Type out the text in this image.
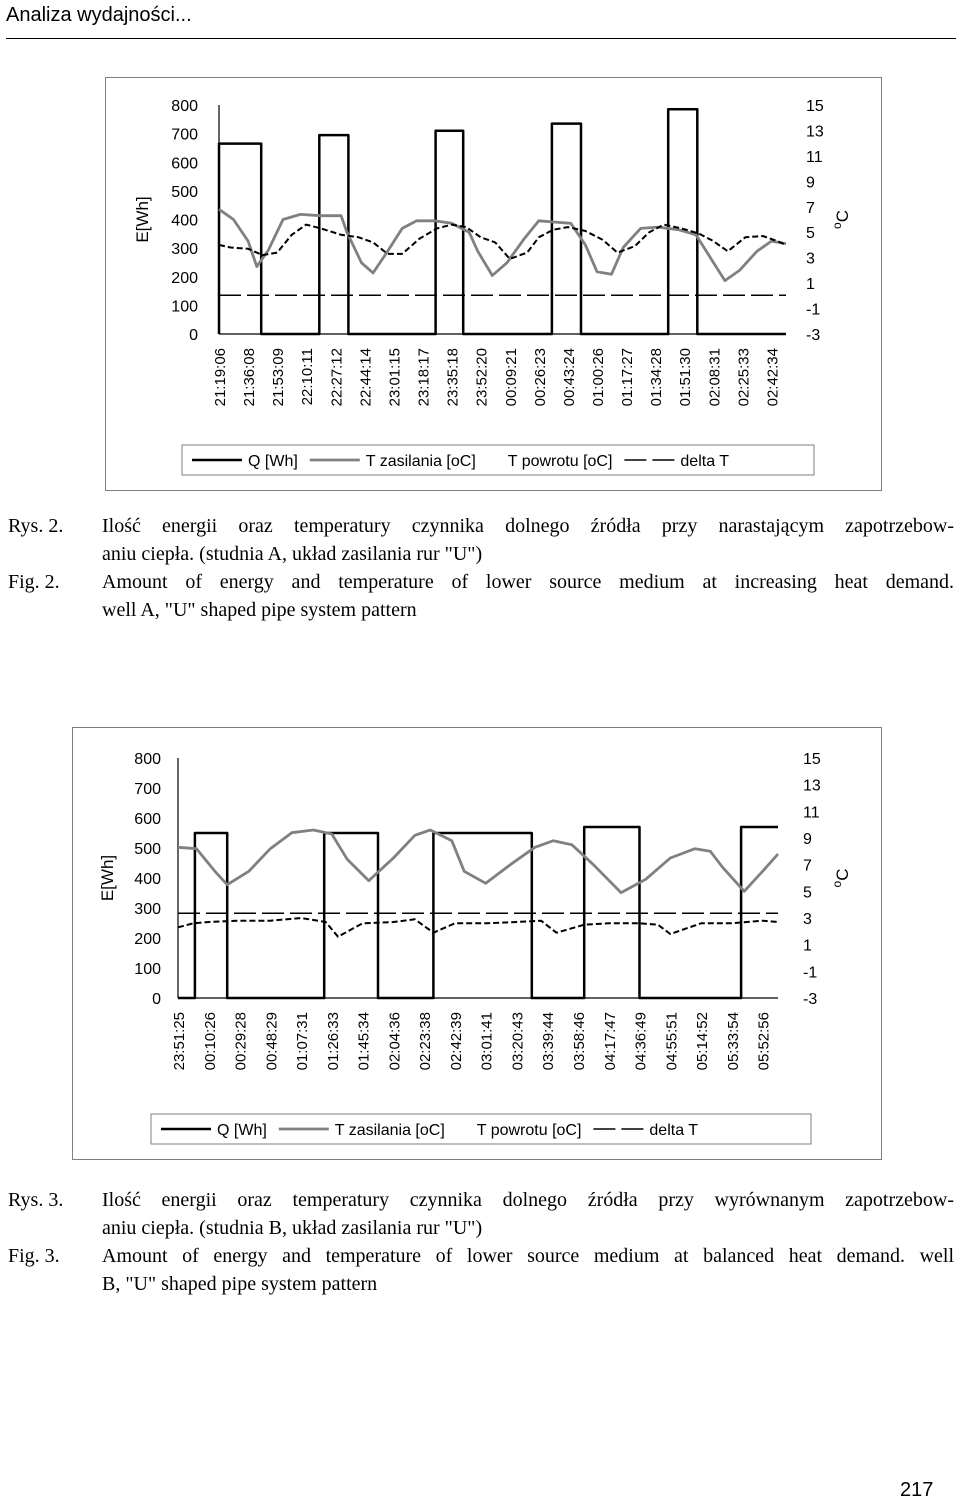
Analiza wydajności...
800
700
600
500
400
300
200
100
0
15
13
11
9
7
5
3
1
-1
-3
E[Wh]	$^o$C
21:19:06 21:36:08 21:53:09 22:10:11 22:27:12 22:44:14 23:01:15 23:18:17 23:35:18 23:52:20 00:09:21 00:26:23 00:43:24 01:00:26 01:17:27 01:34:28 01:51:30 02:08:31 02:25:33 02:42:34
Q [Wh]	T zasilania [oC] T powrotu [oC]	delta T
Rys. 2. Ilość energii oraz temperatury czynnika dolnego źródła przy narastającym zapotrzebow-
aniu ciepła. (studnia A, układ zasilania rur "U")
Fig. 2. Amount of energy and temperature of lower source medium at increasing heat demand.
well A, "U" shaped pipe system pattern
800
700
600
500
400
300
200
100
0
15
13
11
9
7
5
3
1
-1
-3
E[Wh]	$^o$C
23:51:25 00:10:26 00:29:28 00:48:29 01:07:31 01:26:33 01:45:34 02:04:36 02:23:38 02:42:39 03:01:41 03:20:43 03:39:44 03:58:46 04:17:47 04:36:49 04:55:51 05:14:52 05:33:54 05:52:56
Q [Wh]	T zasilania [oC] T powrotu [oC]	delta T
Rys. 3. Ilość energii oraz temperatury czynnika dolnego źródła przy wyrównanym zapotrzebow-
aniu ciepła. (studnia B, układ zasilania rur "U")
Fig. 3. Amount of energy and temperature of lower source medium at balanced heat demand. well
B, "U" shaped pipe system pattern
217
